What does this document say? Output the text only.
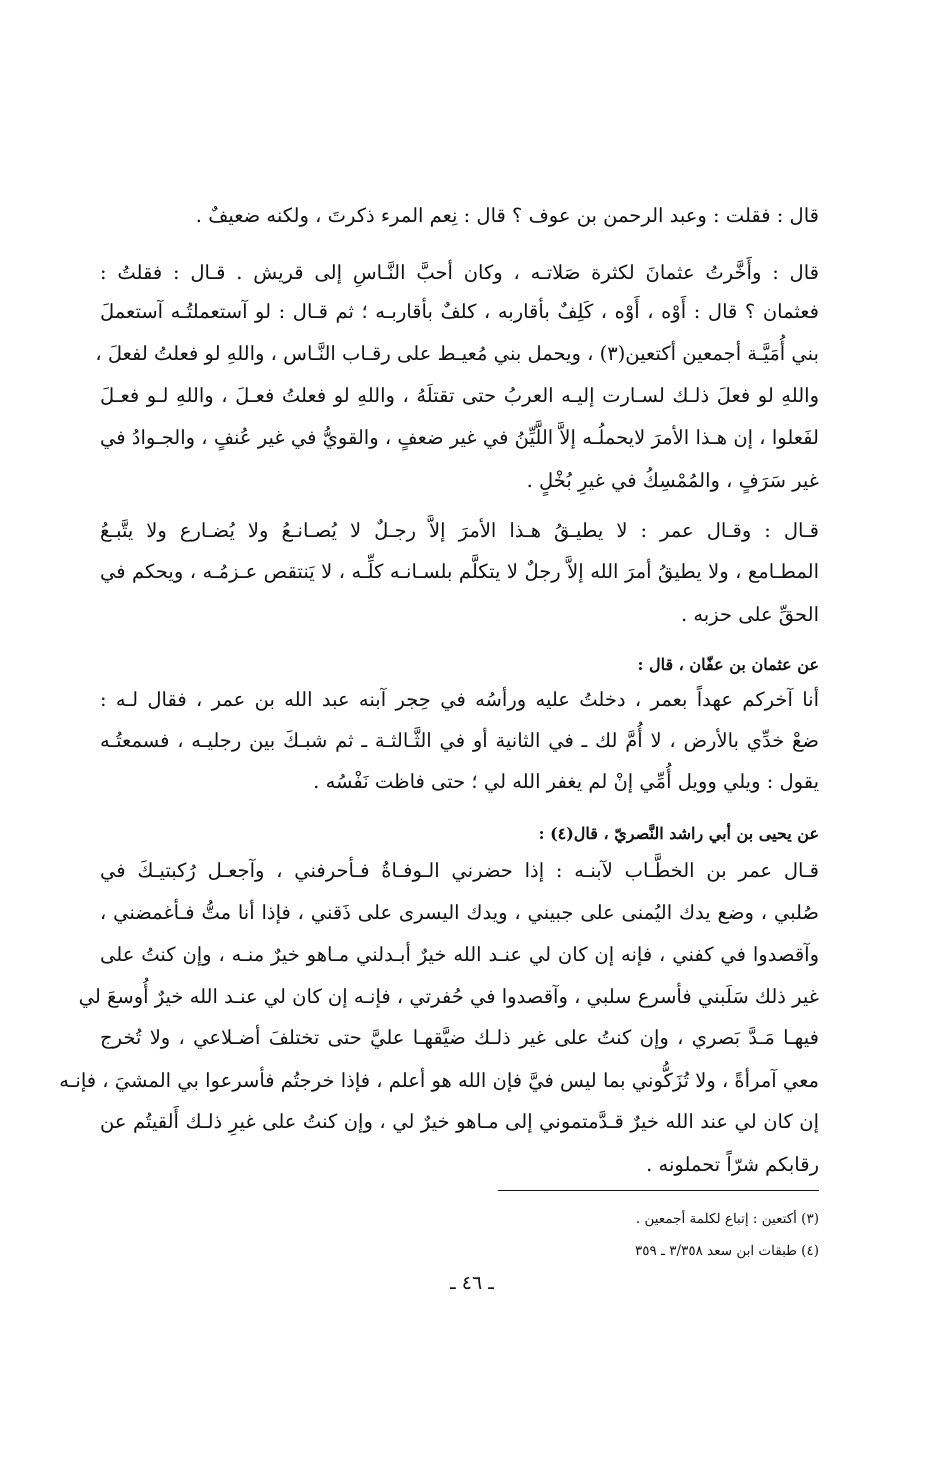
قال : فقلت : وعبد الرحمن بن عوف ؟ قال : نِعم المرء ذكرتَ ، ولكنه ضعيفٌ .
قال : وأَخَّرتُ عثمانَ لكثرة صَلاتـه ، وكان أحبَّ النَّـاسِ إلى قريش . قـال : فقلتُ :
فعثمان ؟ قال : أَوْه ، أَوْه ، كَلِفٌ بأقاربه ، كلفٌ بأقاربـه ؛ ثم قـال : لو آستعملتُـه آستعملَ
بني أُمَيَّـة أجمعين أكتعين(٣) ، ويحمل بني مُعيـط على رقـاب النَّـاس ، واللهِ لو فعلتُ لفعلَ ،
واللهِ لو فعلَ ذلـك لسـارت إليـه العربُ حتى تقتلَهُ ، واللهِ لو فعلتُ فعـلَ ، واللهِ لـو فعـلَ
لفَعلوا ، إن هـذا الأمرَ لايحملُـه إلاَّ اللَّيِّنُ في غير ضعفٍ ، والقويُّ في غير عُنفٍ ، والجـوادُ في
غير سَرَفٍ ، والمُمْسِكُ في غيرِ بُخْلٍ .
قـال : وقـال عمر : لا يطيـقُ هـذا الأمرَ إلاَّ رجـلٌ لا يُصـانـعُ ولا يُضـارع ولا يتَّبـعُ
المطـامع ، ولا يطيقُ أمرَ الله إلاَّ رجلٌ لا يتكلَّم بلسـانـه كلِّـه ، لا يَنتقص عـزمُـه ، ويحكم في
الحقِّ على حزبه .
عن عثمان بن عفّان ، قال :
أنا آخركم عهداً بعمر ، دخلتُ عليه ورأسُه في حِجر آبنه عبد الله بن عمر ، فقال لـه :
ضعْ خدِّي بالأرض ، لا أُمَّ لك ـ في الثانية أو في الثَّـالثـة ـ ثم شبـكَ بين رجليـه ، فسمعتُـه
يقول : ويلي وويل أُمِّي إنْ لم يغفر الله لي ؛ حتى فاظت نَفْسُه .
عن يحيى بن أبي راشد النَّصريّ ، قال(٤) :
قـال عمر بن الخطَّـاب لآبنـه : إذا حضرني الـوفـاةُ فـأحرفني ، وآجعـل رُكبتيـكَ في
صُلبي ، وضع يدك اليُمنى على جبيني ، ويدك اليسرى على ذَقني ، فإذا أنا متُّ فـأغمضني ،
وآقصدوا في كفني ، فإنه إن كان لي عنـد الله خيرٌ أبـدلني مـاهو خيرٌ منـه ، وإن كنتُ على
غير ذلك سَلَبني فأسرع سلبي ، وآقصدوا في حُفرتي ، فإنـه إن كان لي عنـد الله خيرٌ أُوسعَ لي
فيهـا مَـدَّ بَصري ، وإن كنتُ على غير ذلـك ضيَّقهـا عليَّ حتى تختلفَ أضـلاعي ، ولا تُخرج
معي آمرأةً ، ولا تُزَكُّوني بما ليس فيَّ فإن الله هو أعلم ، فإذا خرجتُم فأسرعوا بي المشيَ ، فإنـه
إن كان لي عند الله خيرٌ قـدَّمتموني إلى مـاهو خيرٌ لي ، وإن كنتُ على غيرِ ذلـك أَلقيتُم عن
رقابكم شرّاً تحملونه .
(٣) أكتعين : إتباع لكلمة أجمعين .
(٤) طبقات ابن سعد ٣/٣٥٨ ـ ٣٥٩
ـ ٤٦ ـ
